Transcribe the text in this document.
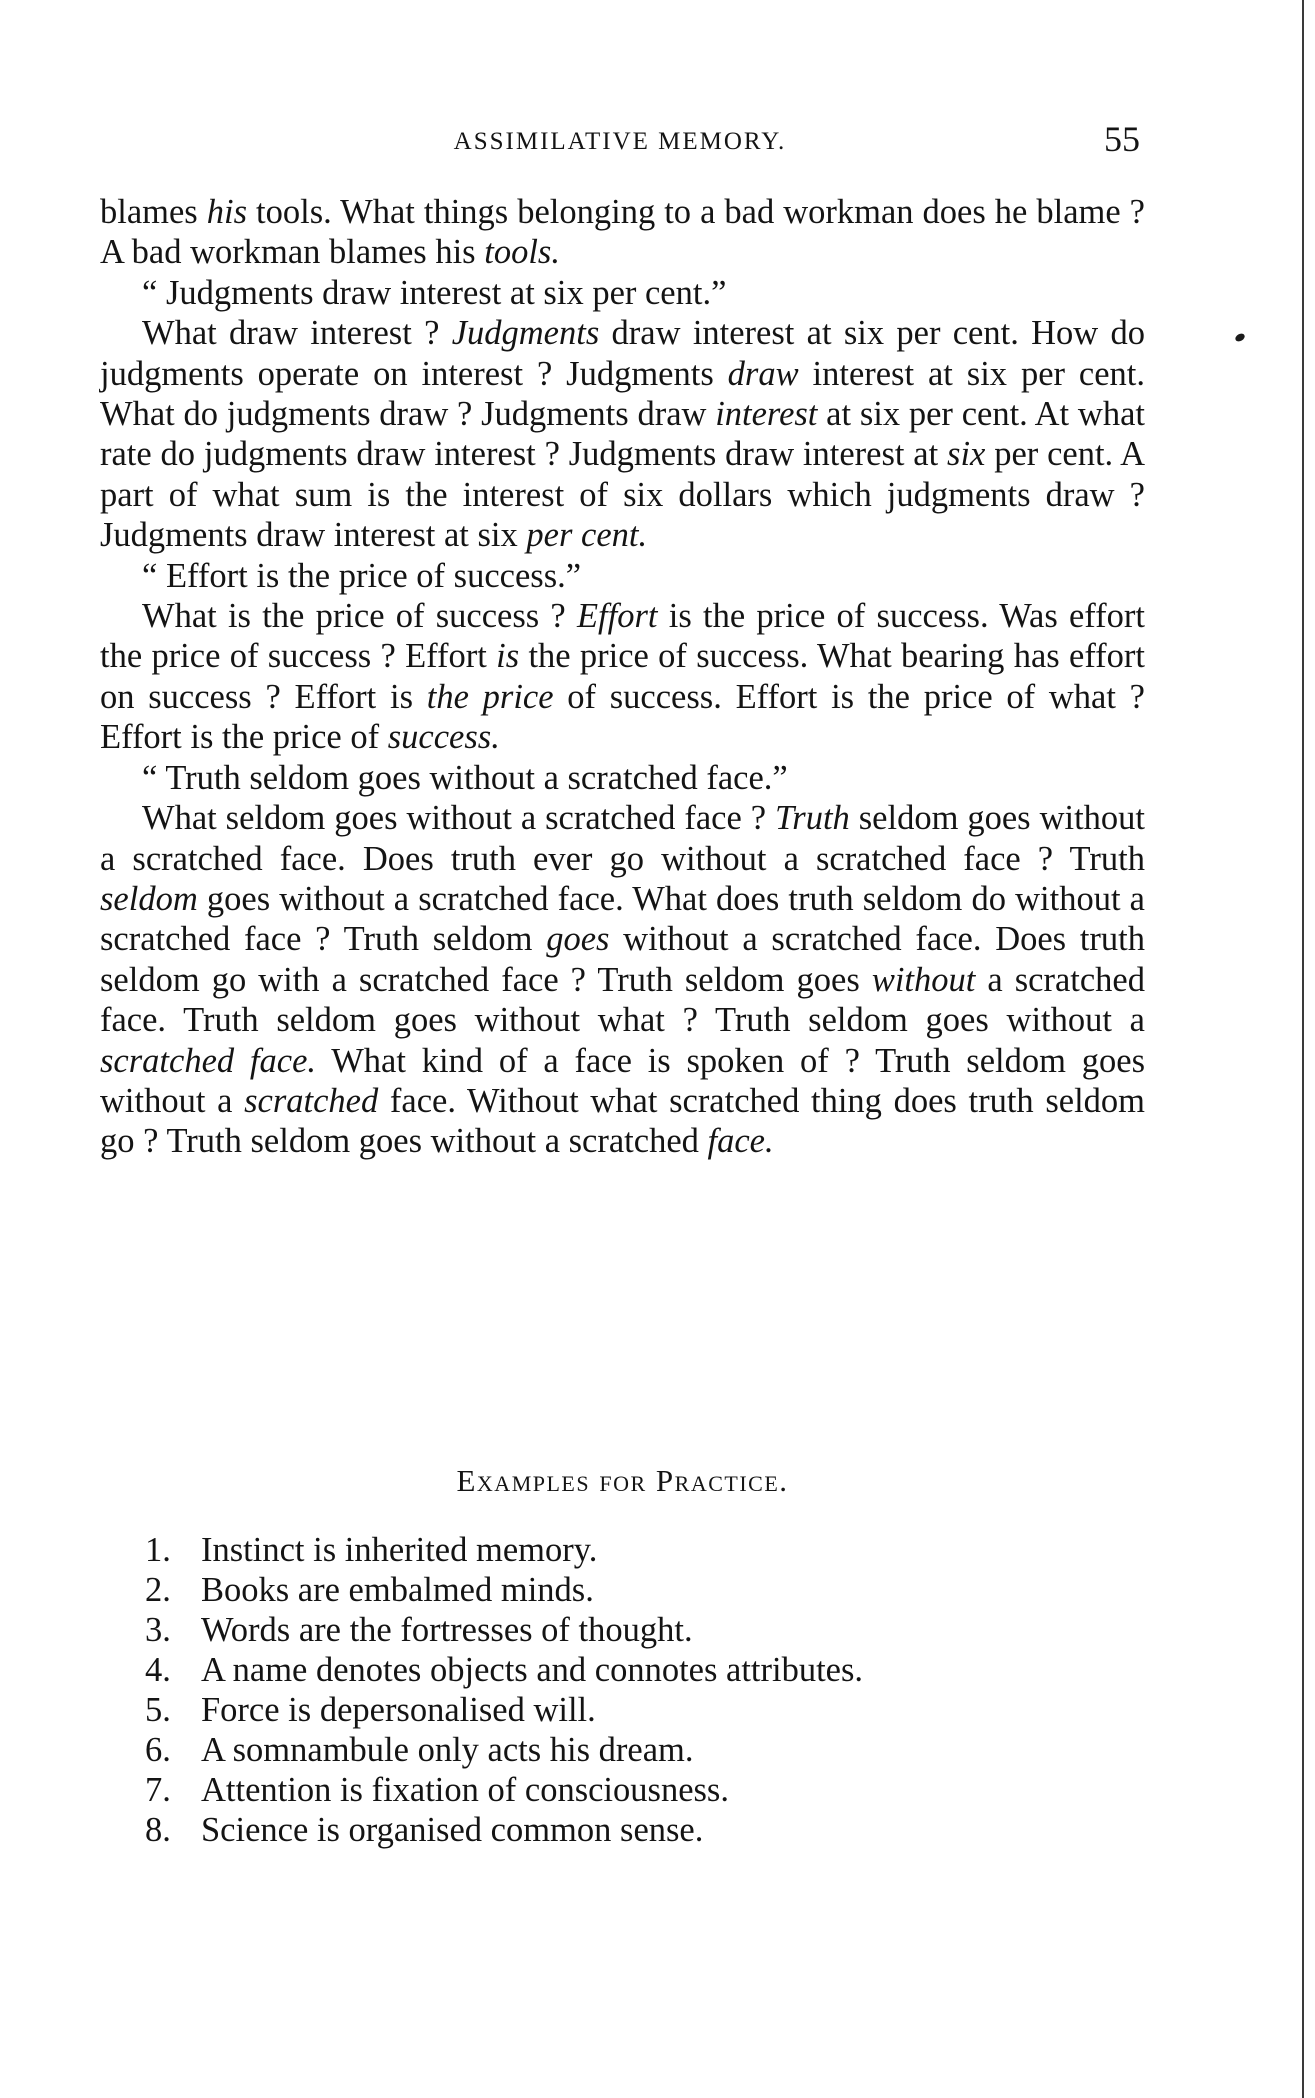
ASSIMILATIVE MEMORY.	55

blames his tools. What things belonging to a bad workman does he blame ? A bad workman blames his tools.

“ Judgments draw interest at six per cent.”

What draw interest ? Judgments draw interest at six per cent. How do judgments operate on interest ? Judgments draw interest at six per cent. What do judgments draw ? Judgments draw interest at six per cent. At what rate do judgments draw interest ? Judgments draw interest at six per cent. A part of what sum is the interest of six dollars which judgments draw ? Judgments draw interest at six per cent.

“ Effort is the price of success.”

What is the price of success ? Effort is the price of success. Was effort the price of success ? Effort is the price of success. What bearing has effort on success ? Effort is the price of success. Effort is the price of what ? Effort is the price of success.

“ Truth seldom goes without a scratched face.”

What seldom goes without a scratched face ? Truth seldom goes without a scratched face. Does truth ever go without a scratched face ? Truth seldom goes without a scratched face. What does truth seldom do without a scratched face ? Truth seldom goes without a scratched face. Does truth seldom go with a scratched face ? Truth seldom goes without a scratched face. Truth seldom goes without what ? Truth seldom goes without a scratched face. What kind of a face is spoken of ? Truth seldom goes without a scratched face. Without what scratched thing does truth seldom go ? Truth seldom goes without a scratched face.

Examples for Practice.
1. Instinct is inherited memory.
2. Books are embalmed minds.
3. Words are the fortresses of thought.
4. A name denotes objects and connotes attributes.
5. Force is depersonalised will.
6. A somnambule only acts his dream.
7. Attention is fixation of consciousness.
8. Science is organised common sense.
